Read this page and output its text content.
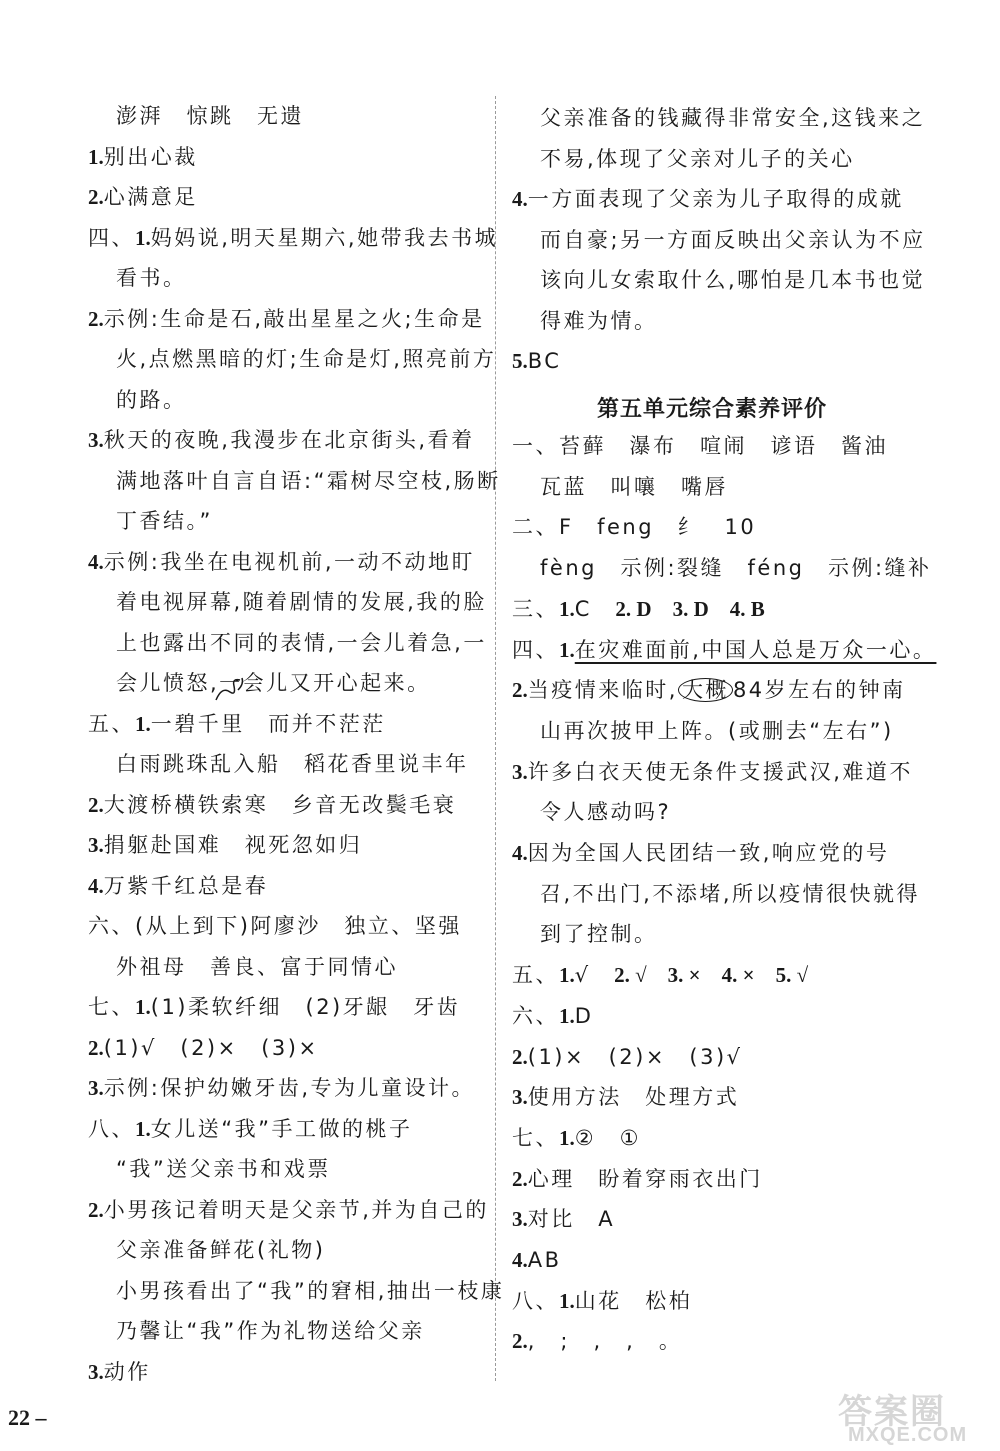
澎湃　惊跳　无遗
1.别出心裁
2.心满意足
四、1.妈妈说,明天星期六,她带我去书城
看书。
2.示例:生命是石,敲出星星之火;生命是
火,点燃黑暗的灯;生命是灯,照亮前方
的路。
3.秋天的夜晚,我漫步在北京街头,看着
满地落叶自言自语:“霜树尽空枝,肠断
丁香结。”
4.示例:我坐在电视机前,一动不动地盯
着电视屏幕,随着剧情的发展,我的脸
上也露出不同的表情,一会儿着急,一
会儿愤怒,一会儿又开心起来。
五、1.一碧千里　而并不茫茫
白雨跳珠乱入船　稻花香里说丰年
2.大渡桥横铁索寒　乡音无改鬓毛衰
3.捐躯赴国难　视死忽如归
4.万紫千红总是春
六、(从上到下)阿廖沙　独立、坚强
外祖母　善良、富于同情心
七、1.(1)柔软纤细　(2)牙龈　牙齿
2.(1)√　(2)×　(3)×
3.示例:保护幼嫩牙齿,专为儿童设计。
八、1.女儿送“我”手工做的桃子
“我”送父亲书和戏票
2.小男孩记着明天是父亲节,并为自己的
父亲准备鲜花(礼物)
小男孩看出了“我”的窘相,抽出一枝康
乃馨让“我”作为礼物送给父亲
3.动作
第五单元综合素养评价
父亲准备的钱藏得非常安全,这钱来之
不易,体现了父亲对儿子的关心
4.一方面表现了父亲为儿子取得的成就
而自豪;另一方面反映出父亲认为不应
该向儿女索取什么,哪怕是几本书也觉
得难为情。
5.BC
一、苔藓　瀑布　喧闹　谚语　酱油
瓦蓝　叫嚷　嘴唇
二、F　feng　纟　10
fèng　示例:裂缝　féng　示例:缝补
三、1.C　2. D　3. D　4. B
四、1.在灾难面前,中国人总是万众一心。
2.当疫情来临时, 大概 84岁左右的钟南
山再次披甲上阵。(或删去“左右”)
3.许多白衣天使无条件支援武汉,难道不
令人感动吗?
4.因为全国人民团结一致,响应党的号
召,不出门,不添堵,所以疫情很快就得
到了控制。
五、1.√　2. √　3. ×　4. ×　5. √
六、1.D
2.(1)×　(2)×　(3)√
3.使用方法　处理方式
七、1.②　①
2.心理　盼着穿雨衣出门
3.对比　A
4.AB
八、1.山花　松柏
2.,　;　,　,　。
22 –	答案圈
MXQE.COM
